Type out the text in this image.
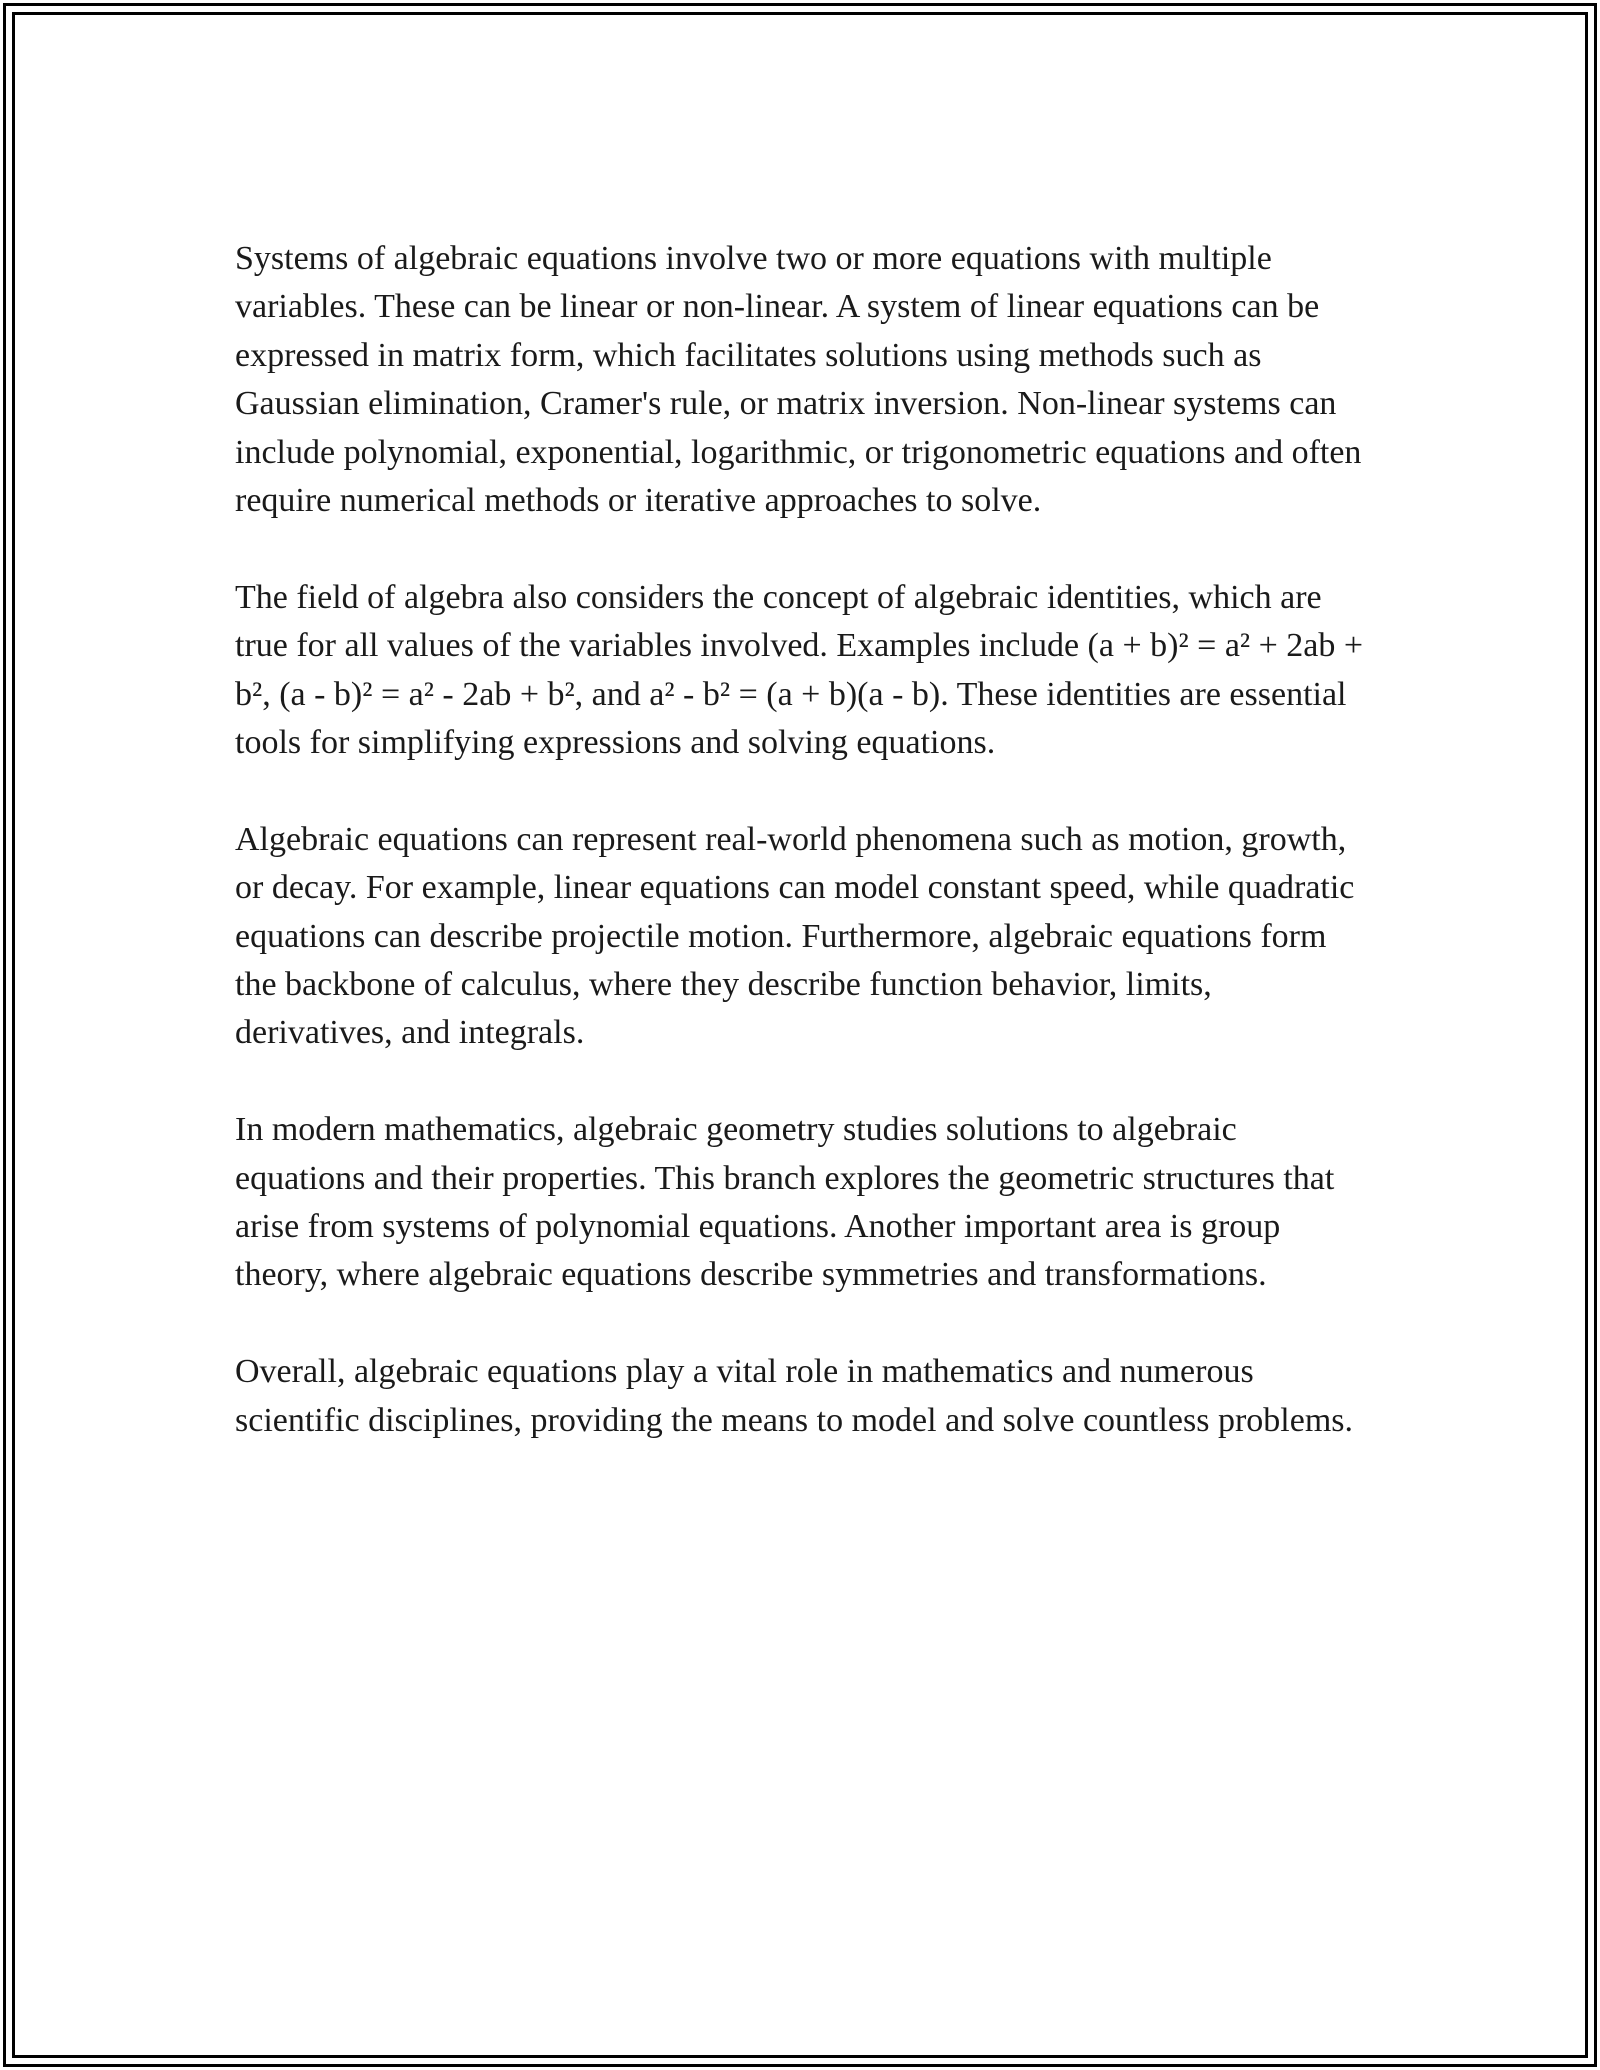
Systems of algebraic equations involve two or more equations with multiple variables. These can be linear or non-linear. A system of linear equations can be expressed in matrix form, which facilitates solutions using methods such as Gaussian elimination, Cramer's rule, or matrix inversion. Non-linear systems can include polynomial, exponential, logarithmic, or trigonometric equations and often require numerical methods or iterative approaches to solve.

The field of algebra also considers the concept of algebraic identities, which are true for all values of the variables involved. Examples include (a + b)² = a² + 2ab + b², (a - b)² = a² - 2ab + b², and a² - b² = (a + b)(a - b). These identities are essential tools for simplifying expressions and solving equations.

Algebraic equations can represent real-world phenomena such as motion, growth, or decay. For example, linear equations can model constant speed, while quadratic equations can describe projectile motion. Furthermore, algebraic equations form the backbone of calculus, where they describe function behavior, limits, derivatives, and integrals.

In modern mathematics, algebraic geometry studies solutions to algebraic equations and their properties. This branch explores the geometric structures that arise from systems of polynomial equations. Another important area is group theory, where algebraic equations describe symmetries and transformations.

Overall, algebraic equations play a vital role in mathematics and numerous scientific disciplines, providing the means to model and solve countless problems.
